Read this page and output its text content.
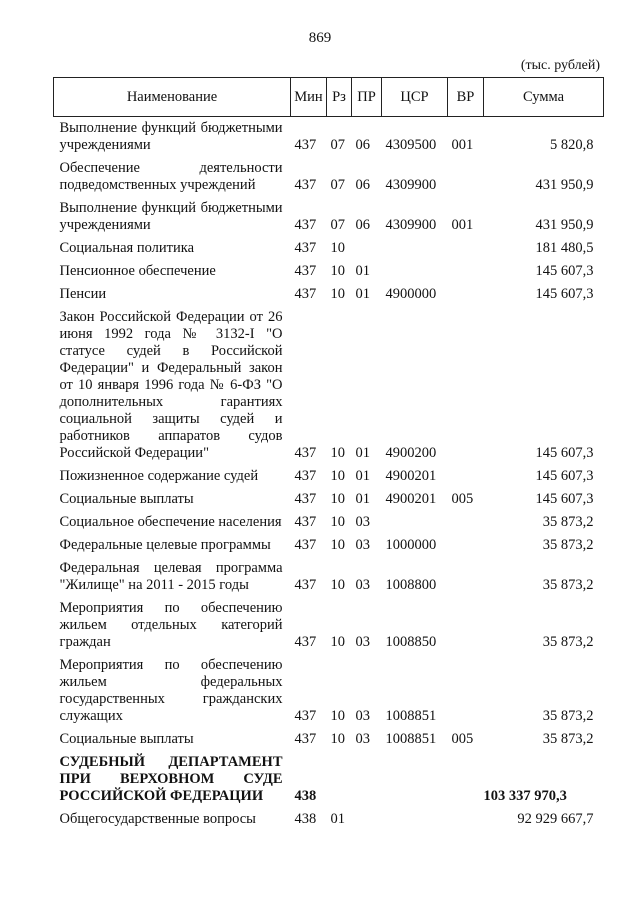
869
(тыс. рублей)
Наименование	Мин	Рз	ПР	ЦСР	ВР	Сумма
Выполнение функций бюджетными учреждениями	437	07	06	4309500	001	5 820,8
Обеспечение деятельности подведомственных учреждений	437	07	06	4309900		431 950,9
Выполнение функций бюджетными учреждениями	437	07	06	4309900	001	431 950,9
Социальная политика	437	10				181 480,5
Пенсионное обеспечение	437	10	01			145 607,3
Пенсии	437	10	01	4900000		145 607,3
Закон Российской Федерации от 26 июня 1992 года № 3132-I "О статусе судей в Российской Федерации" и Федеральный закон от 10 января 1996 года № 6-ФЗ "О дополнительных гарантиях социальной защиты судей и работников аппаратов судов Российской Федерации"	437	10	01	4900200		145 607,3
Пожизненное содержание судей	437	10	01	4900201		145 607,3
Социальные выплаты	437	10	01	4900201	005	145 607,3
Социальное обеспечение населения	437	10	03			35 873,2
Федеральные целевые программы	437	10	03	1000000		35 873,2
Федеральная целевая программа "Жилище" на 2011 - 2015 годы	437	10	03	1008800		35 873,2
Мероприятия по обеспечению жильем отдельных категорий граждан	437	10	03	1008850		35 873,2
Мероприятия по обеспечению жильем федеральных государственных гражданских служащих	437	10	03	1008851		35 873,2
Социальные выплаты	437	10	03	1008851	005	35 873,2
СУДЕБНЫЙ ДЕПАРТАМЕНТ ПРИ ВЕРХОВНОМ СУДЕ РОССИЙСКОЙ ФЕДЕРАЦИИ	438					103 337 970,3
Общегосударственные вопросы	438	01				92 929 667,7
